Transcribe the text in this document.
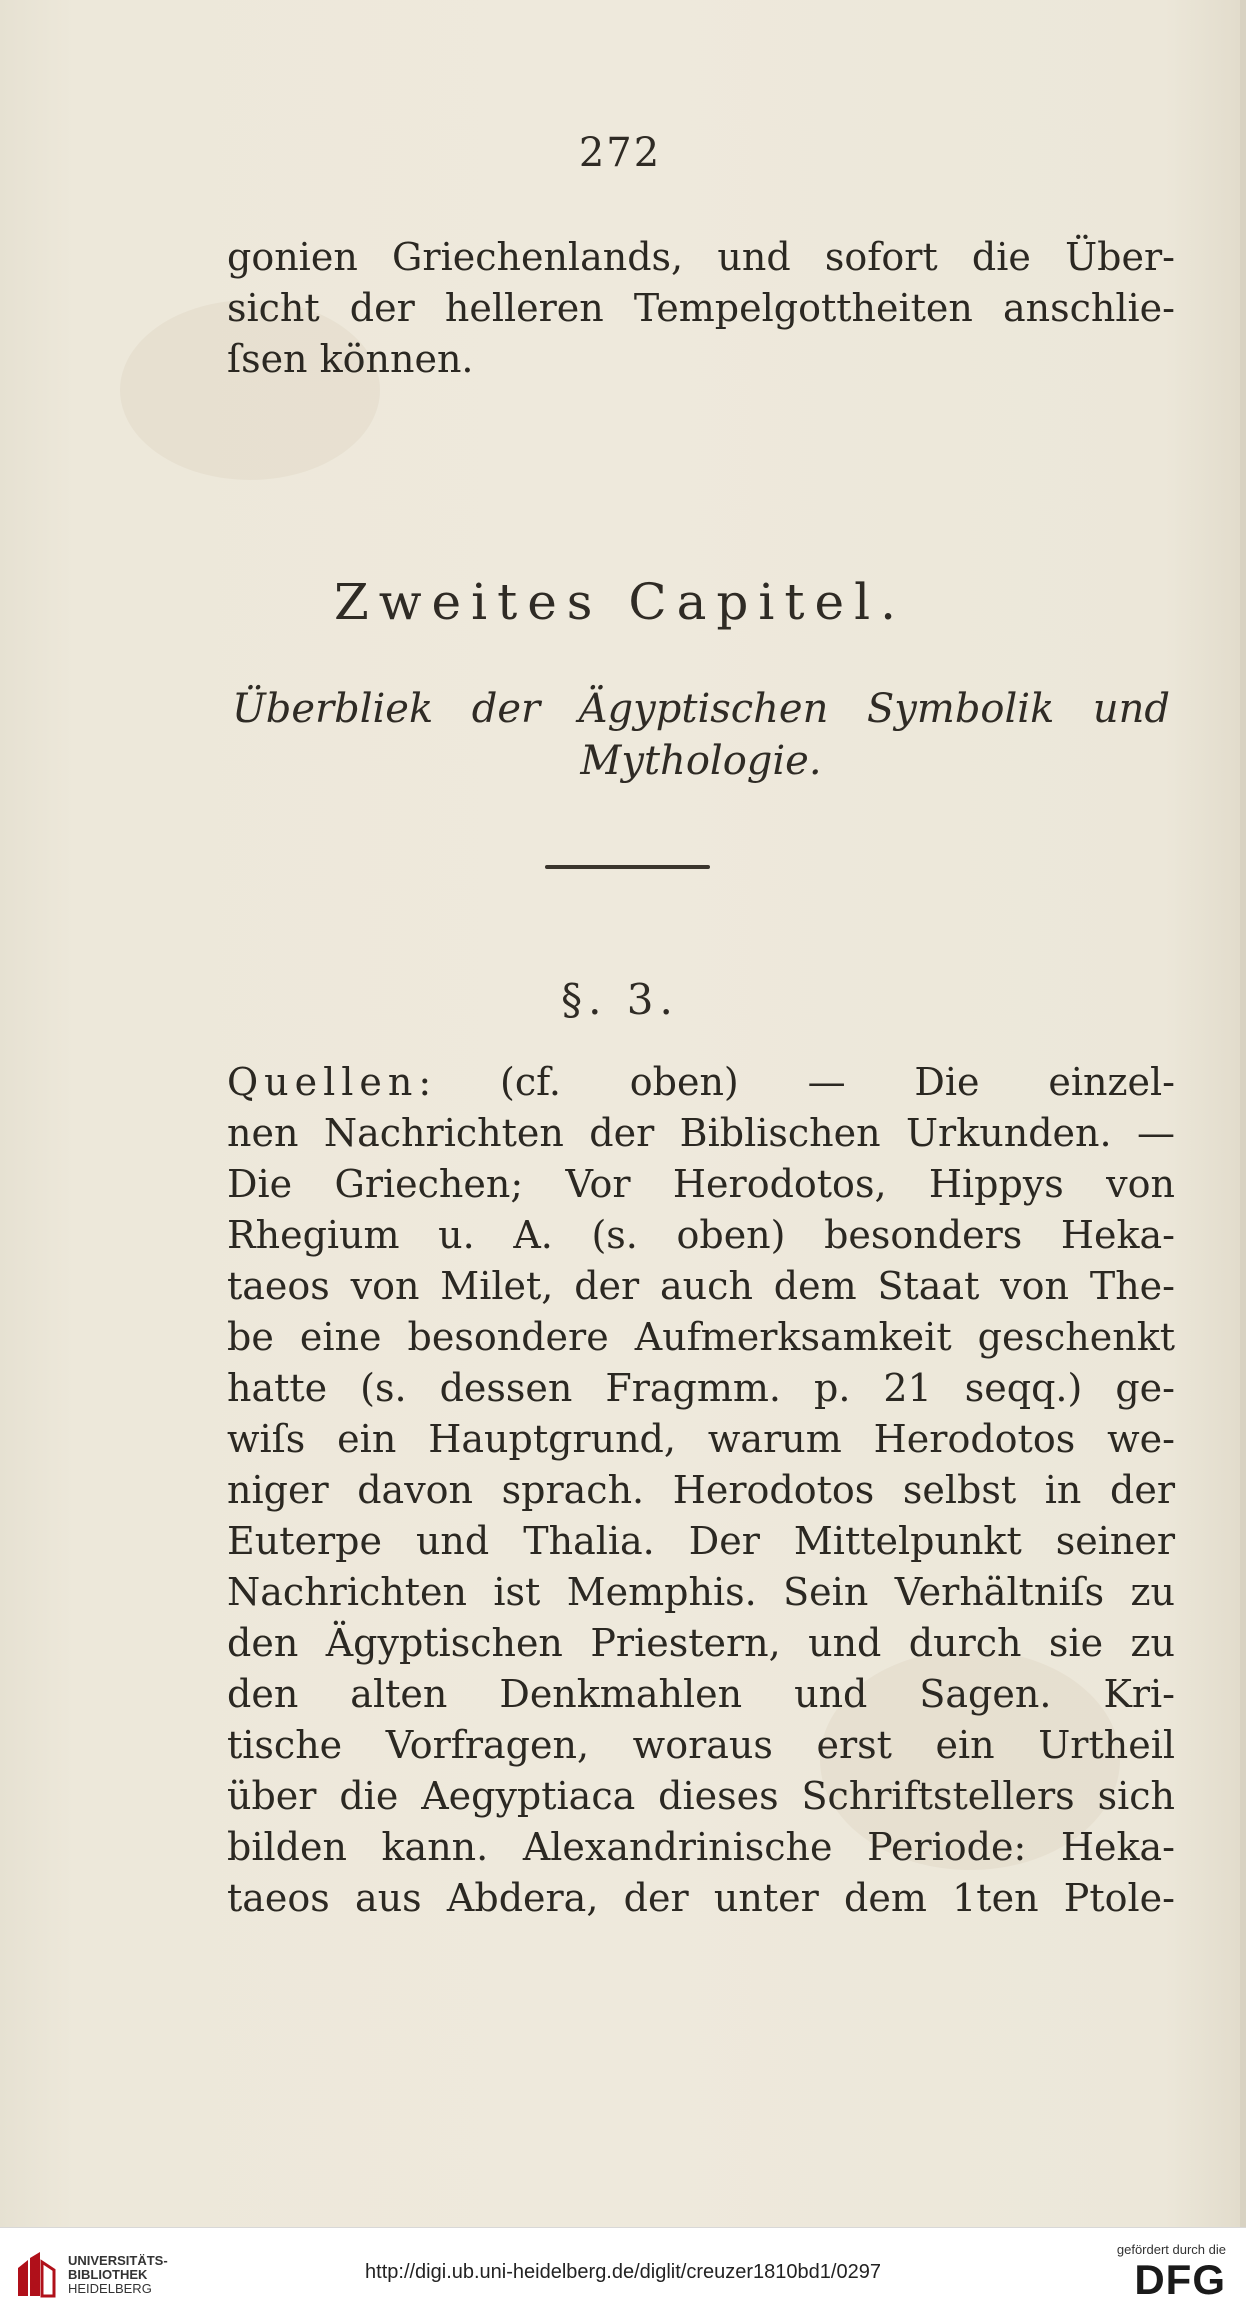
272
gonien Griechenlands, und sofort die Über-
sicht der helleren Tempelgottheiten anschlie-
ſsen können.
Zweites Capitel.
Überbliek der Ägyptischen Symbolik und
Mythologie.
§. 3.
Quellen: (cf. oben) — Die einzel-
nen Nachrichten der Biblischen Urkunden. —
Die Griechen; Vor Herodotos, Hippys von
Rhegium u. A. (s. oben) besonders Heka-
taeos von Milet, der auch dem Staat von The-
be eine besondere Aufmerksamkeit geschenkt
hatte (s. dessen Fragmm. p. 21 seqq.) ge-
wiſs ein Hauptgrund, warum Herodotos we-
niger davon sprach. Herodotos selbst in der
Euterpe und Thalia. Der Mittelpunkt seiner
Nachrichten ist Memphis. Sein Verhältniſs zu
den Ägyptischen Priestern, und durch sie zu
den alten Denkmahlen und Sagen. Kri-
tische Vorfragen, woraus erst ein Urtheil
über die Aegyptiaca dieses Schriftstellers sich
bilden kann. Alexandrinische Periode: Heka-
taeos aus Abdera, der unter dem 1ten Ptole-
UNIVERSITÄTS-
BIBLIOTHEK
HEIDELBERG
http://digi.ub.uni-heidelberg.de/diglit/creuzer1810bd1/0297
gefördert durch die
DFG
